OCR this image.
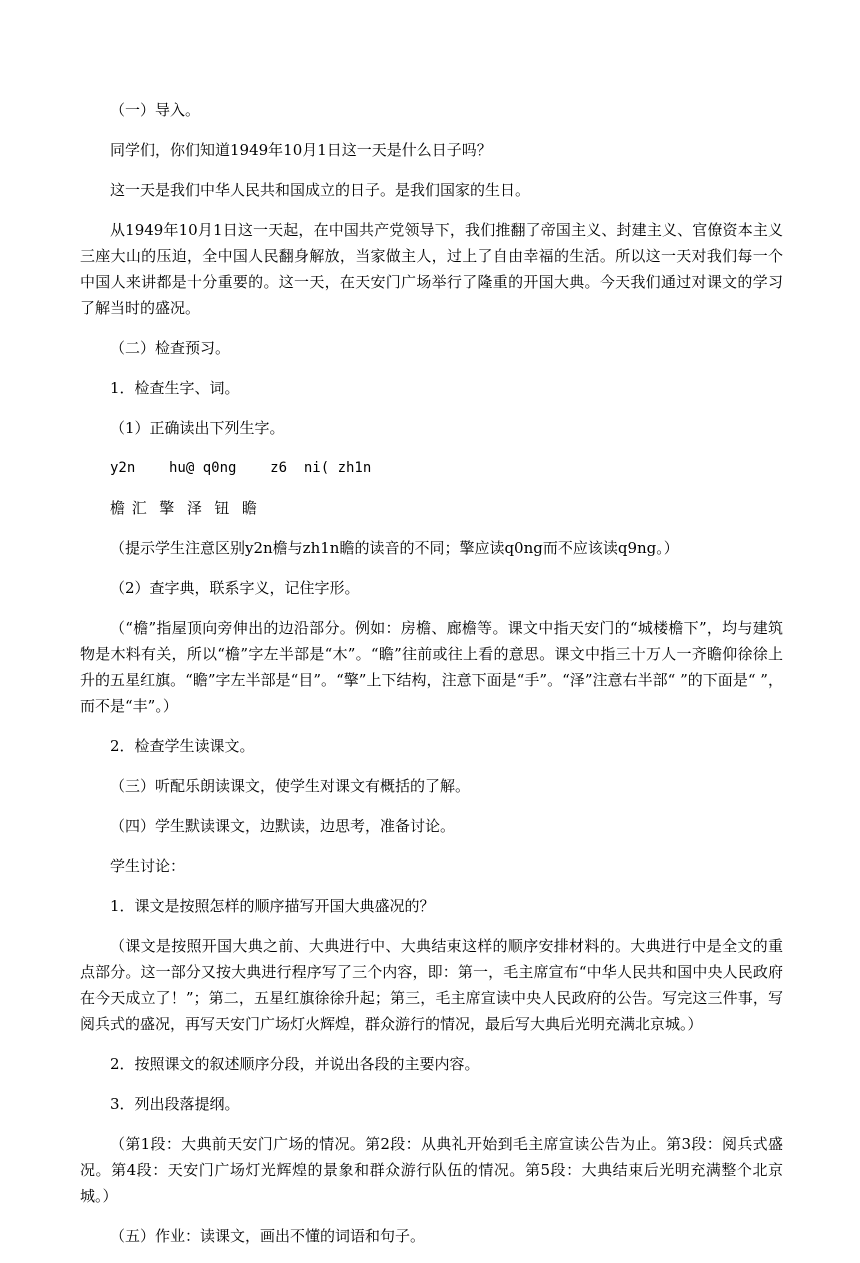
（一）导入。

同学们，你们知道1949年10月1日这一天是什么日子吗？

这一天是我们中华人民共和国成立的日子。是我们国家的生日。

从1949年10月1日这一天起，在中国共产党领导下，我们推翻了帝国主义、封建主义、官僚资本主义三座大山的压迫，全中国人民翻身解放，当家做主人，过上了自由幸福的生活。所以这一天对我们每一个中国人来讲都是十分重要的。这一天，在天安门广场举行了隆重的开国大典。今天我们通过对课文的学习了解当时的盛况。

（二）检查预习。

1．检查生字、词。

（1）正确读出下列生字。

y2n    hu@ q0ng    z6  ni( zh1n

檐 汇  擎  泽  钮  瞻

（提示学生注意区别y2n檐与zh1n瞻的读音的不同；擎应读q0ng而不应该读q9ng。）

（2）查字典，联系字义，记住字形。

（“檐”指屋顶向旁伸出的边沿部分。例如：房檐、廊檐等。课文中指天安门的“城楼檐下”，均与建筑物是木料有关，所以“檐”字左半部是“木”。“瞻”往前或往上看的意思。课文中指三十万人一齐瞻仰徐徐上升的五星红旗。“瞻”字左半部是“目”。“擎”上下结构，注意下面是“手”。“泽”注意右半部“ ”的下面是“ ”，而不是“丰”。）

2．检查学生读课文。

（三）听配乐朗读课文，使学生对课文有概括的了解。

（四）学生默读课文，边默读，边思考，准备讨论。

学生讨论：

1．课文是按照怎样的顺序描写开国大典盛况的？

（课文是按照开国大典之前、大典进行中、大典结束这样的顺序安排材料的。大典进行中是全文的重点部分。这一部分又按大典进行程序写了三个内容，即：第一，毛主席宣布“中华人民共和国中央人民政府在今天成立了！”；第二，五星红旗徐徐升起；第三，毛主席宣读中央人民政府的公告。写完这三件事，写阅兵式的盛况，再写天安门广场灯火辉煌，群众游行的情况，最后写大典后光明充满北京城。）

2．按照课文的叙述顺序分段，并说出各段的主要内容。

3．列出段落提纲。

（第1段：大典前天安门广场的情况。第2段：从典礼开始到毛主席宣读公告为止。第3段：阅兵式盛况。第4段：天安门广场灯光辉煌的景象和群众游行队伍的情况。第5段：大典结束后光明充满整个北京城。）

（五）作业：读课文，画出不懂的词语和句子。
